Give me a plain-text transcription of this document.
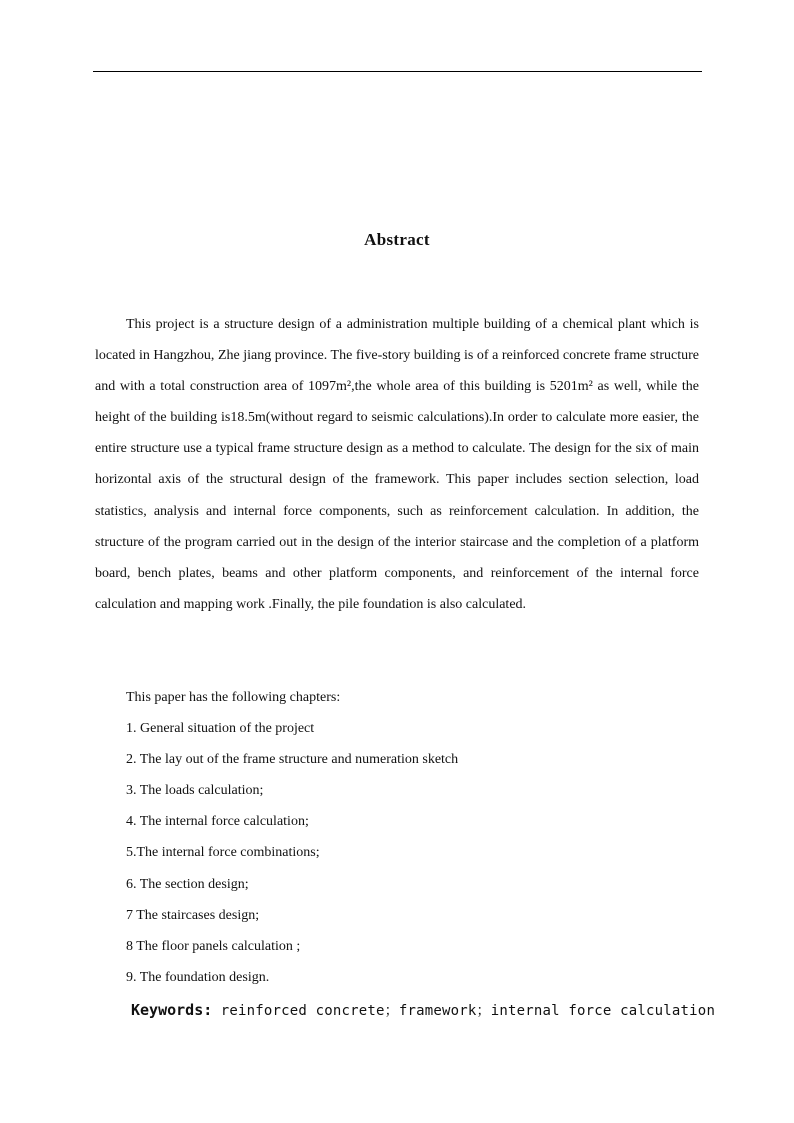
Abstract

This project is a structure design of a administration multiple building of a chemical plant which is located in Hangzhou, Zhe jiang province. The five-story building is of a reinforced concrete frame structure and with a total construction area of 1097m²,the whole area of this building is 5201m² as well, while the height of the building is18.5m(without regard to seismic calculations).In order to calculate more easier, the entire structure use a typical frame structure design as a method to calculate. The design for the six of main horizontal axis of the structural design of the framework. This paper includes section selection, load statistics, analysis and internal force components, such as reinforcement calculation. In addition, the structure of the program carried out in the design of the interior staircase and the completion of a platform board, bench plates, beams and other platform components, and reinforcement of the internal force calculation and mapping work .Finally, the pile foundation is also calculated.

This paper has the following chapters:
1. General situation of the project
2. The lay out of the frame structure and numeration sketch
3. The loads calculation;
4. The internal force calculation;
5.The internal force combinations;
6. The section design;
7 The staircases design;
8 The floor panels calculation ;
9. The foundation design.
Keywords: reinforced concrete；framework；internal force calculation
